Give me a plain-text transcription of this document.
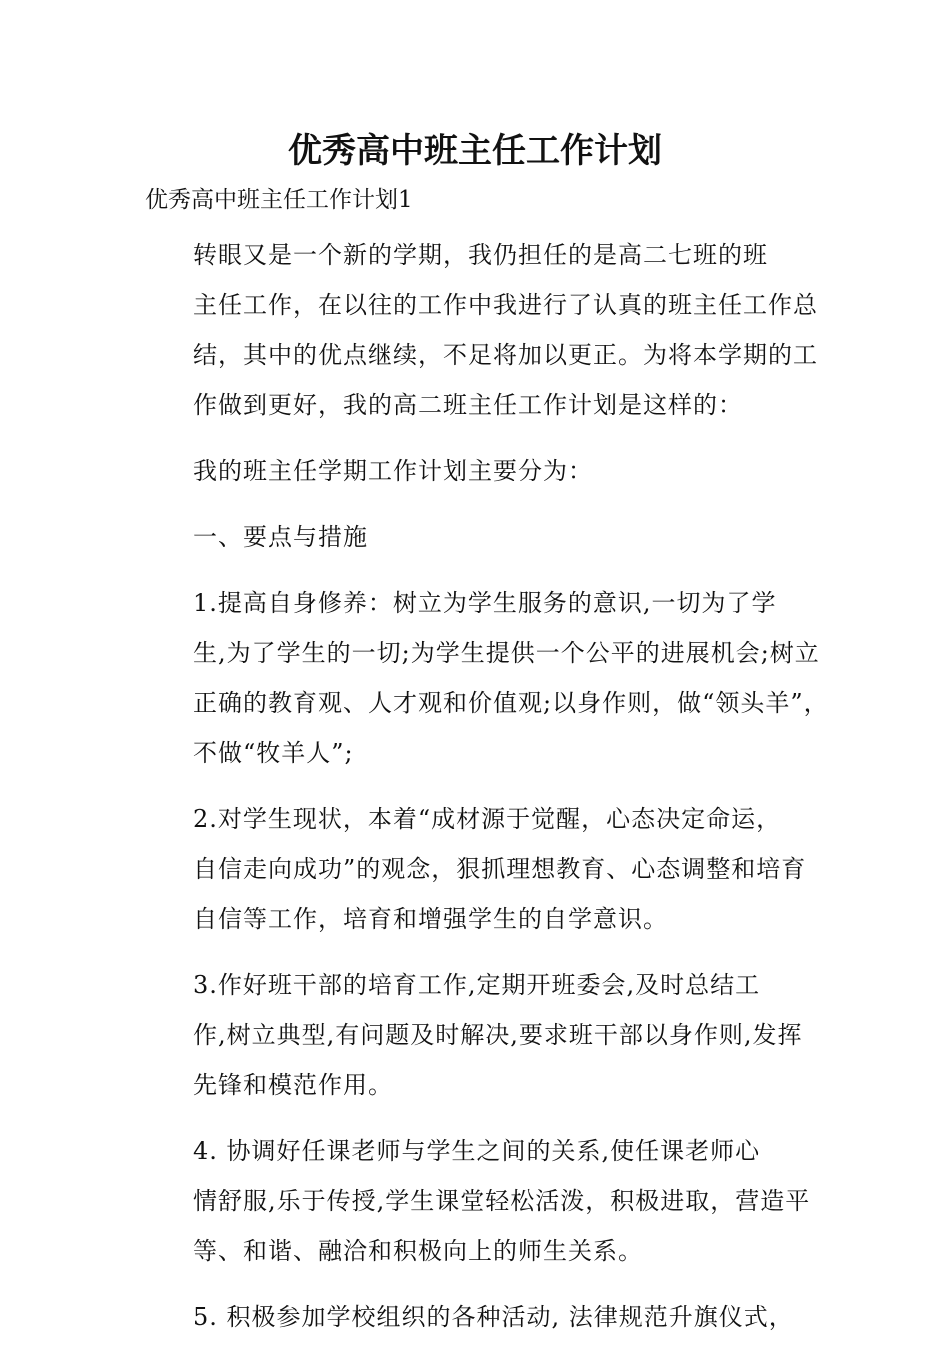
优秀高中班主任工作计划

优秀高中班主任工作计划1

转眼又是一个新的学期，我仍担任的是高二七班的班
主任工作，在以往的工作中我进行了认真的班主任工作总
结，其中的优点继续，不足将加以更正。为将本学期的工
作做到更好，我的高二班主任工作计划是这样的：

我的班主任学期工作计划主要分为：

一、要点与措施

1.提高自身修养：树立为学生服务的意识,一切为了学
生,为了学生的一切;为学生提供一个公平的进展机会;树立
正确的教育观、人才观和价值观;以身作则，做“领头羊”，
不做“牧羊人”;

2.对学生现状，本着“成材源于觉醒，心态决定命运，
自信走向成功”的观念，狠抓理想教育、心态调整和培育
自信等工作，培育和增强学生的自学意识。

3.作好班干部的培育工作,定期开班委会,及时总结工
作,树立典型,有问题及时解决,要求班干部以身作则,发挥
先锋和模范作用。

4. 协调好任课老师与学生之间的关系,使任课老师心
情舒服,乐于传授,学生课堂轻松活泼，积极进取，营造平
等、和谐、融洽和积极向上的师生关系。

5. 积极参加学校组织的各种活动, 法律规范升旗仪式，
